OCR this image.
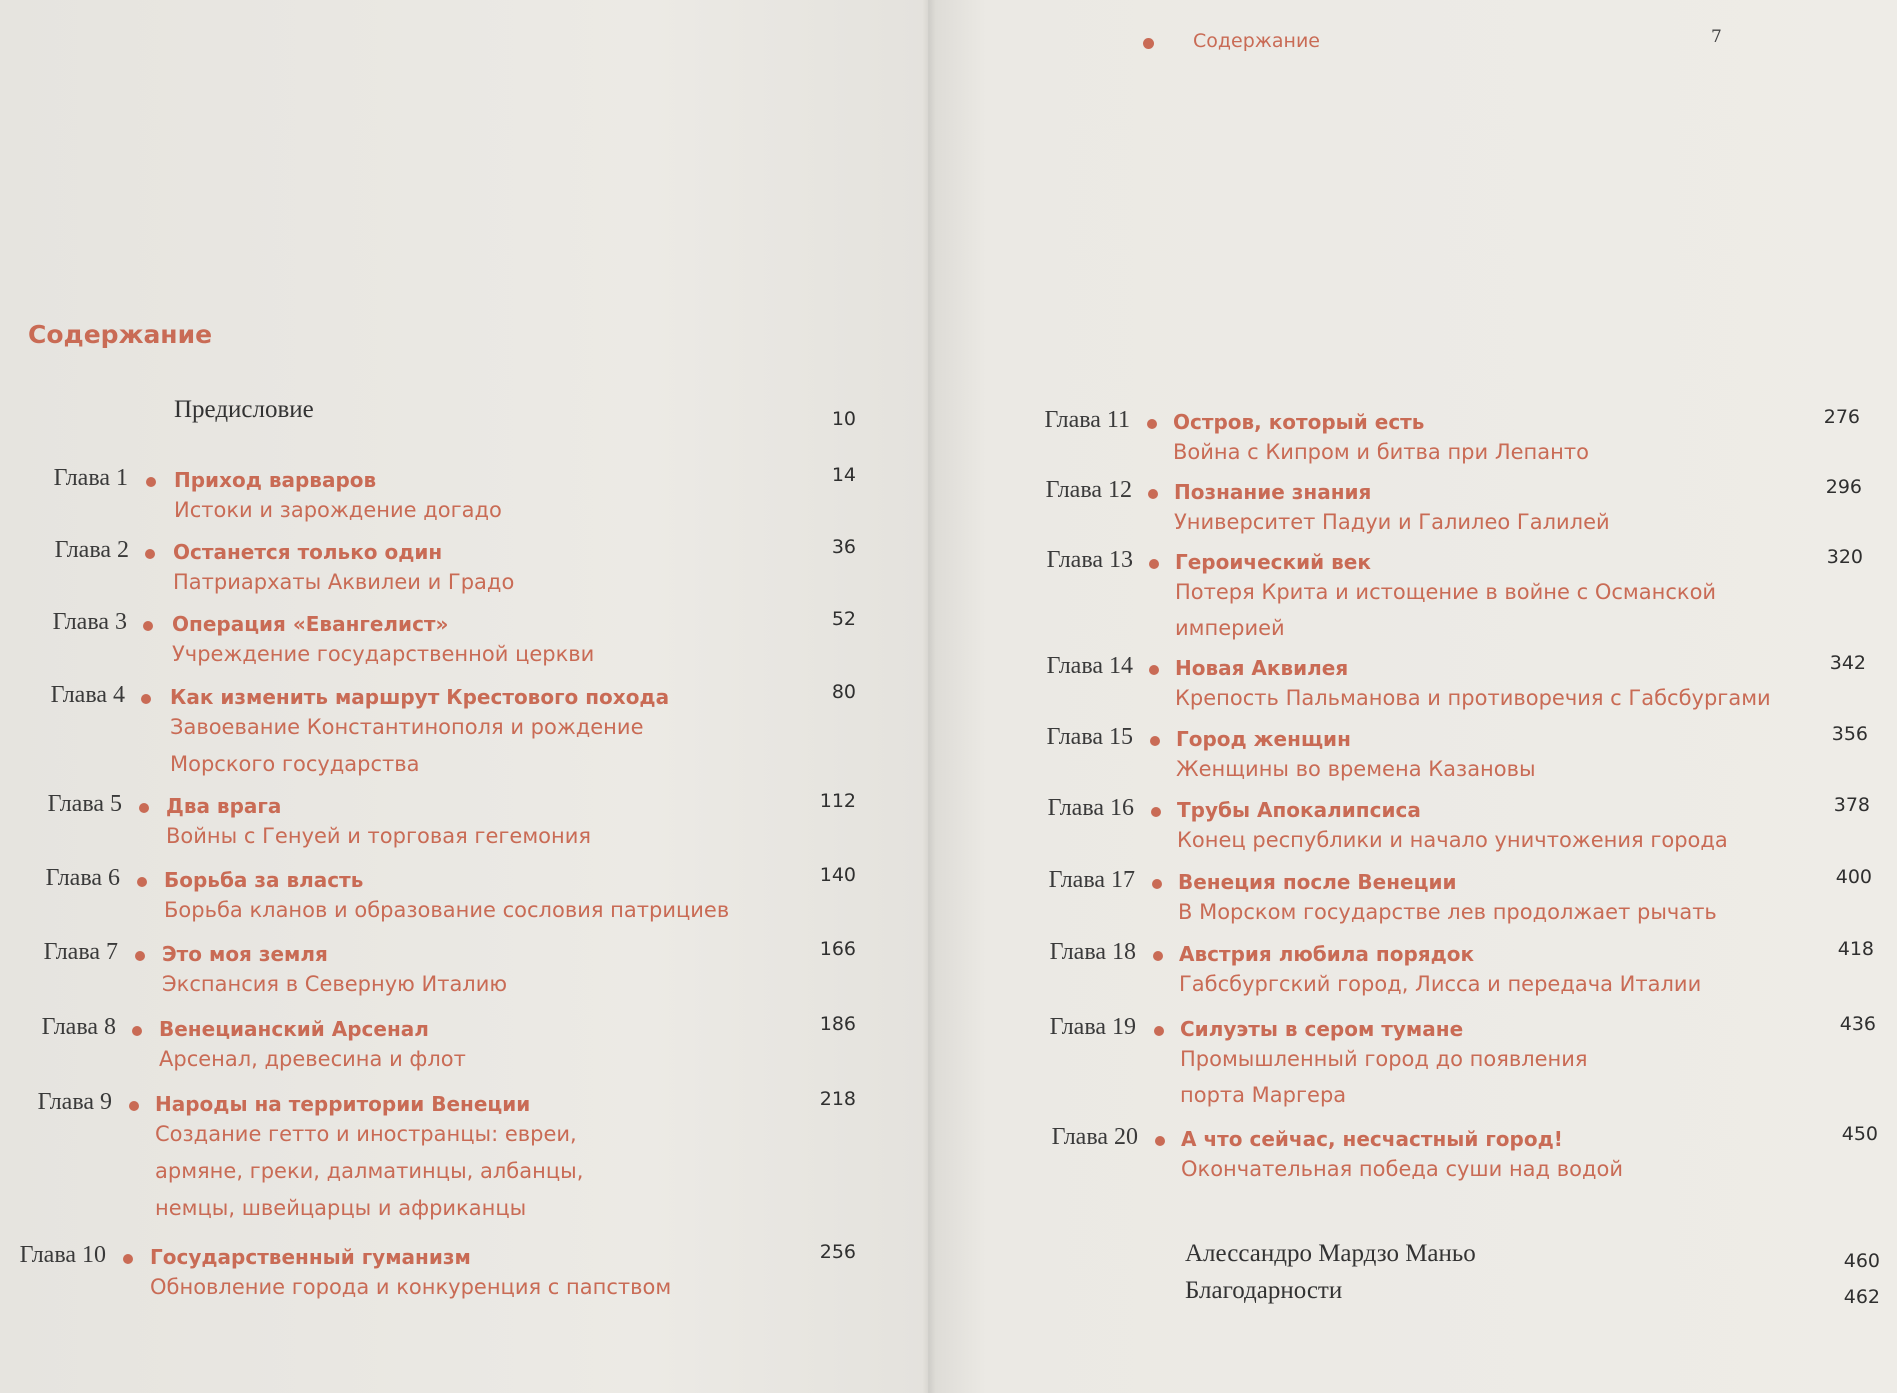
Содержание	7
Содержание
Предисловие	10
Глава 1 Приход варваров	14
Истоки и зарождение догадо
Глава 2 Останется только один	36
Патриархаты Аквилеи и Градо
Глава 3 Операция «Евангелист»	52
Учреждение государственной церкви
Глава 4 Как изменить маршрут Крестового похода	80
Завоевание Константинополя и рождение
Морского государства
Глава 5 Два врага	112
Войны с Генуей и торговая гегемония
Глава 6 Борьба за власть	140
Борьба кланов и образование сословия патрициев
Глава 7 Это моя земля	166
Экспансия в Северную Италию
Глава 8 Венецианский Арсенал	186
Арсенал, древесина и флот
Глава 9 Народы на территории Венеции	218
Создание гетто и иностранцы: евреи,
армяне, греки, далматинцы, албанцы,
немцы, швейцарцы и африканцы
Глава 10 Государственный гуманизм	256
Обновление города и конкуренция с папством
Глава 11 Остров, который есть	276
Война с Кипром и битва при Лепанто
Глава 12 Познание знания	296
Университет Падуи и Галилео Галилей
Глава 13 Героический век	320
Потеря Крита и истощение в войне с Османской
империей
Глава 14 Новая Аквилея	342
Крепость Пальманова и противоречия с Габсбургами
Глава 15 Город женщин	356
Женщины во времена Казановы
Глава 16 Трубы Апокалипсиса	378
Конец республики и начало уничтожения города
Глава 17 Венеция после Венеции	400
В Морском государстве лев продолжает рычать
Глава 18 Австрия любила порядок	418
Габсбургский город, Лисса и передача Италии
Глава 19 Силуэты в сером тумане	436
Промышленный город до появления
порта Маргера
Глава 20 А что сейчас, несчастный город!	450
Окончательная победа суши над водой
Алессандро Мардзо Маньо	460
Благодарности	462
